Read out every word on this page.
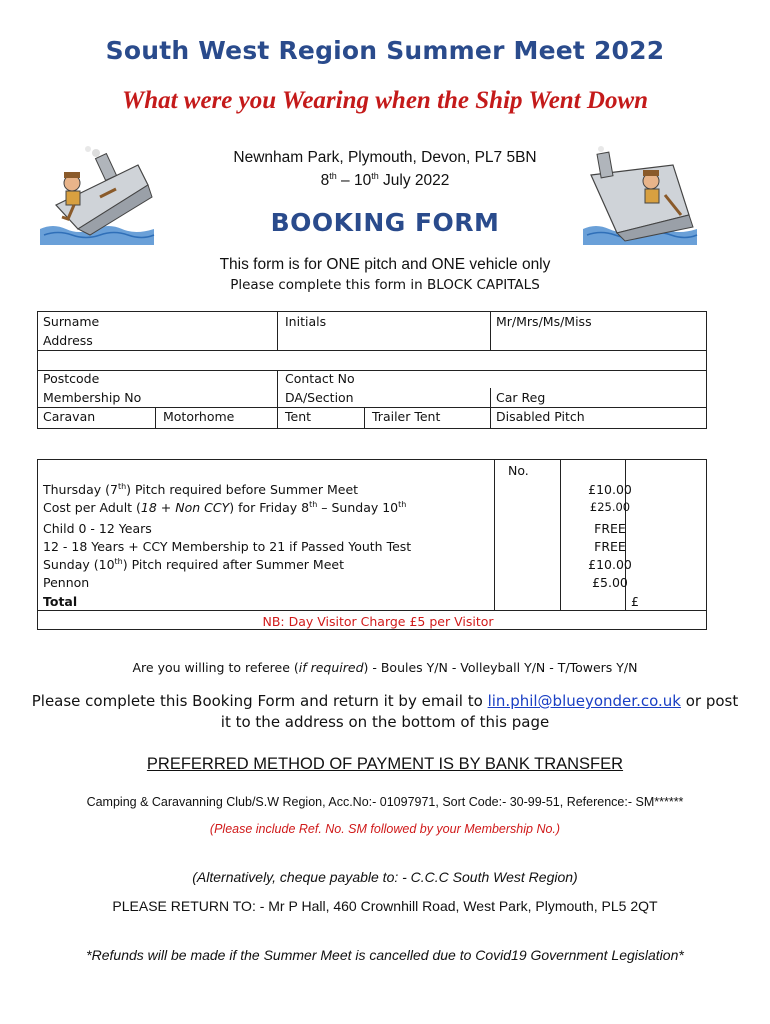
South West Region Summer Meet 2022
What were you Wearing when the Ship Went Down
Newnham Park, Plymouth, Devon, PL7 5BN
8th – 10th July 2022
BOOKING FORM
This form is for ONE pitch and ONE vehicle only
Please complete this form in BLOCK CAPITALS
Surname	Initials	Mr/Mrs/Ms/Miss
Address
Postcode	Contact No
Membership No	DA/Section	Car Reg
Caravan	Motorhome	Tent	Trailer Tent	Disabled Pitch
No.
Thursday (7th) Pitch required before Summer Meet	£10.00
Cost per Adult (18 + Non CCY) for Friday 8th – Sunday 10th	£25.00
Child 0 - 12 Years	FREE
12 - 18 Years + CCY Membership to 21 if Passed Youth Test	FREE
Sunday (10th) Pitch required after Summer Meet	£10.00
Pennon	£5.00
Total	£
NB: Day Visitor Charge £5 per Visitor
Are you willing to referee (if required) - Boules Y/N - Volleyball Y/N - T/Towers Y/N
Please complete this Booking Form and return it by email to lin.phil@blueyonder.co.uk or post
it to the address on the bottom of this page
PREFERRED METHOD OF PAYMENT IS BY BANK TRANSFER
Camping & Caravanning Club/S.W Region, Acc.No:- 01097971, Sort Code:- 30-99-51, Reference:- SM******
(Please include Ref. No. SM followed by your Membership No.)
(Alternatively, cheque payable to: - C.C.C South West Region)
PLEASE RETURN TO: - Mr P Hall, 460 Crownhill Road, West Park, Plymouth, PL5 2QT
*Refunds will be made if the Summer Meet is cancelled due to Covid19 Government Legislation*
